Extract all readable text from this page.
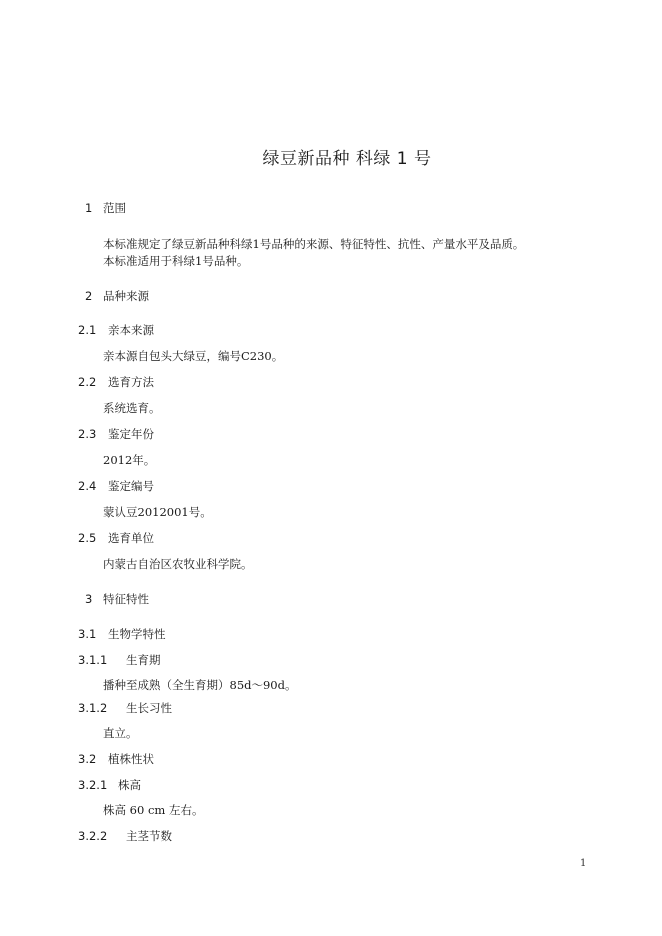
绿豆新品种 科绿 1 号
1 范围
本标准规定了绿豆新品种科绿1号品种的来源、特征特性、抗性、产量水平及品质。
本标准适用于科绿1号品种。
2 品种来源
2.1 亲本来源
亲本源自包头大绿豆，编号C230。
2.2 选育方法
系统选育。
2.3 鉴定年份
2012年。
2.4 鉴定编号
蒙认豆2012001号。
2.5 选育单位
内蒙古自治区农牧业科学院。
3 特征特性
3.1 生物学特性
3.1.1 生育期
播种至成熟（全生育期）85d～90d。
3.1.2 生长习性
直立。
3.2 植株性状
3.2.1 株高
株高 60 cm 左右。
3.2.2 主茎节数
1
